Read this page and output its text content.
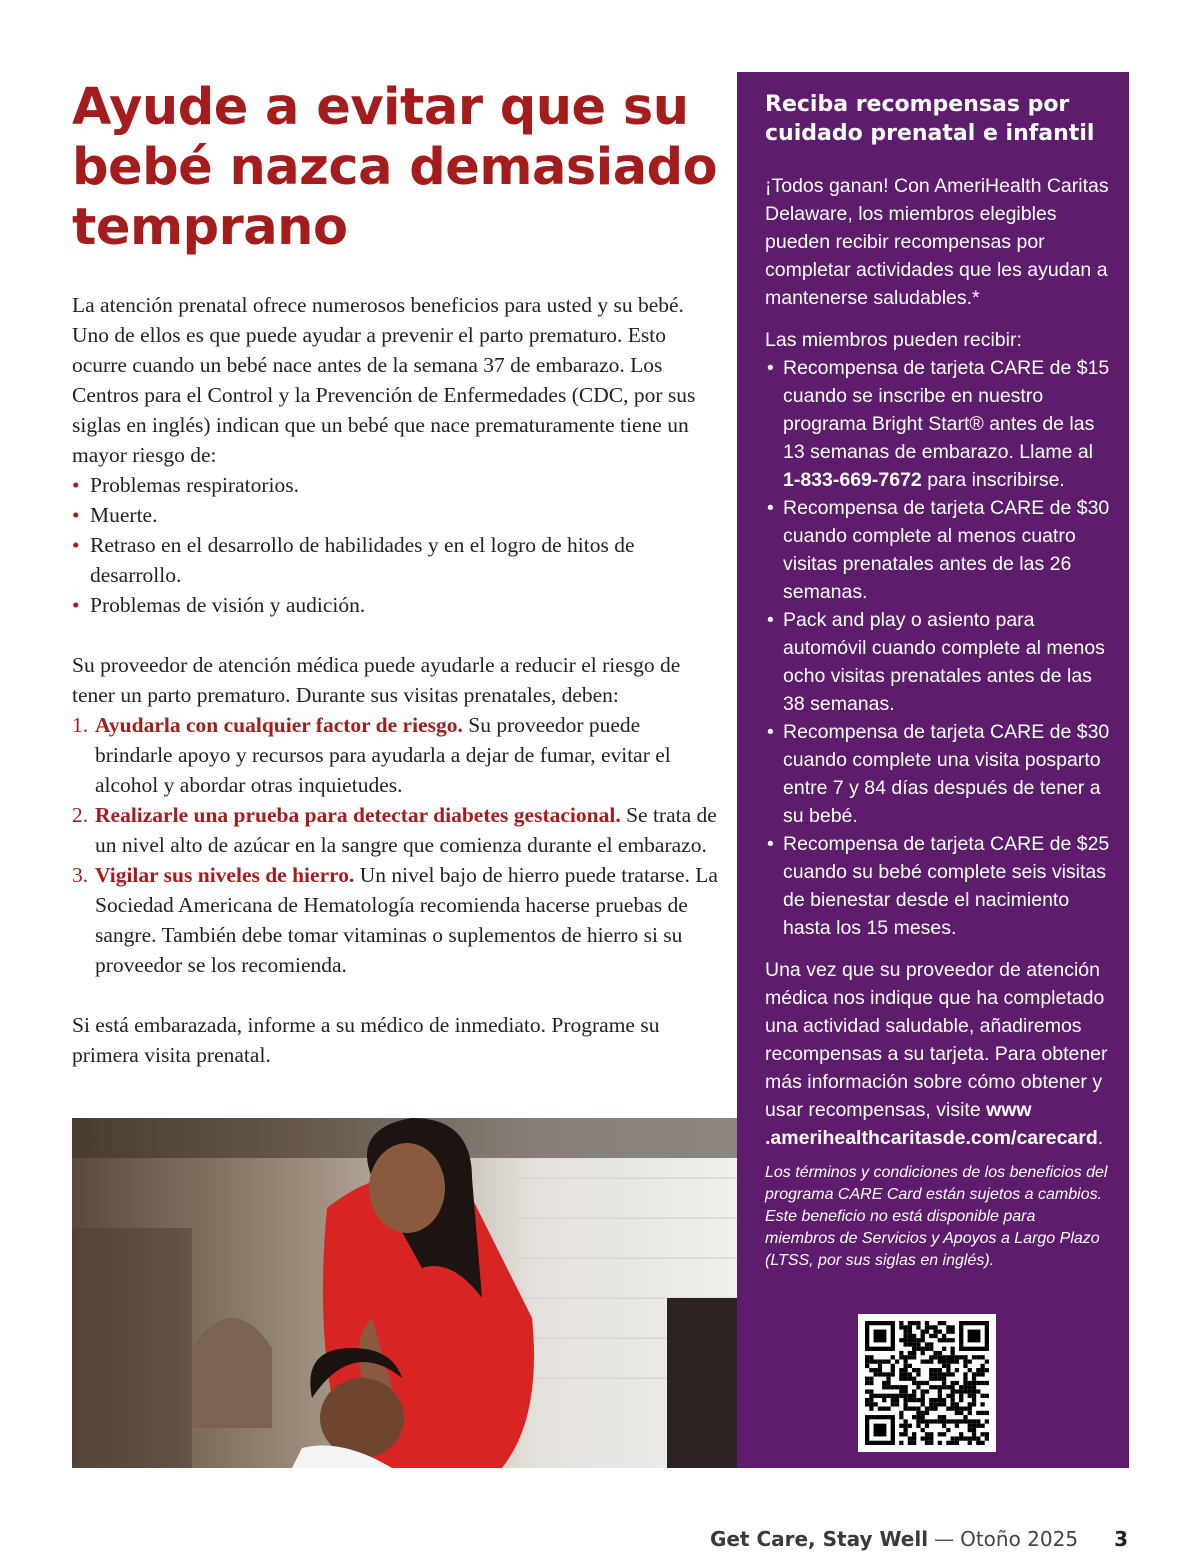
Ayude a evitar que su
bebé nazca demasiado
temprano

La atención prenatal ofrece numerosos beneficios para usted y su bebé. Uno de ellos es que puede ayudar a prevenir el parto prematuro. Esto ocurre cuando un bebé nace antes de la semana 37 de embarazo. Los Centros para el Control y la Prevención de Enfermedades (CDC, por sus siglas en inglés) indican que un bebé que nace prematuramente tiene un mayor riesgo de:

• Problemas respiratorios.
• Muerte.
• Retraso en el desarrollo de habilidades y en el logro de hitos de desarrollo.
• Problemas de visión y audición.

Su proveedor de atención médica puede ayudarle a reducir el riesgo de tener un parto prematuro. Durante sus visitas prenatales, deben:

1. Ayudarla con cualquier factor de riesgo. Su proveedor puede brindarle apoyo y recursos para ayudarla a dejar de fumar, evitar el alcohol y abordar otras inquietudes.
2. Realizarle una prueba para detectar diabetes gestacional. Se trata de un nivel alto de azúcar en la sangre que comienza durante el embarazo.
3. Vigilar sus niveles de hierro. Un nivel bajo de hierro puede tratarse. La Sociedad Americana de Hematología recomienda hacerse pruebas de sangre. También debe tomar vitaminas o suplementos de hierro si su proveedor se los recomienda.

Si está embarazada, informe a su médico de inmediato. Programe su primera visita prenatal.

Reciba recompensas por cuidado prenatal e infantil

¡Todos ganan! Con AmeriHealth Caritas Delaware, los miembros elegibles pueden recibir recompensas por completar actividades que les ayudan a mantenerse saludables.*

Las miembros pueden recibir:

• Recompensa de tarjeta CARE de $15 cuando se inscribe en nuestro programa Bright Start® antes de las 13 semanas de embarazo. Llame al 1-833-669-7672 para inscribirse.
• Recompensa de tarjeta CARE de $30 cuando complete al menos cuatro visitas prenatales antes de las 26 semanas.
• Pack and play o asiento para automóvil cuando complete al menos ocho visitas prenatales antes de las 38 semanas.
• Recompensa de tarjeta CARE de $30 cuando complete una visita posparto entre 7 y 84 días después de tener a su bebé.
• Recompensa de tarjeta CARE de $25 cuando su bebé complete seis visitas de bienestar desde el nacimiento hasta los 15 meses.

Una vez que su proveedor de atención médica nos indique que ha completado una actividad saludable, añadiremos recompensas a su tarjeta. Para obtener más información sobre cómo obtener y usar recompensas, visite www .amerihealthcaritasde.com/carecard.

Los términos y condiciones de los beneficios del programa CARE Card están sujetos a cambios. Este beneficio no está disponible para miembros de Servicios y Apoyos a Largo Plazo (LTSS, por sus siglas en inglés).

Get Care, Stay Well — Otoño 2025 3
